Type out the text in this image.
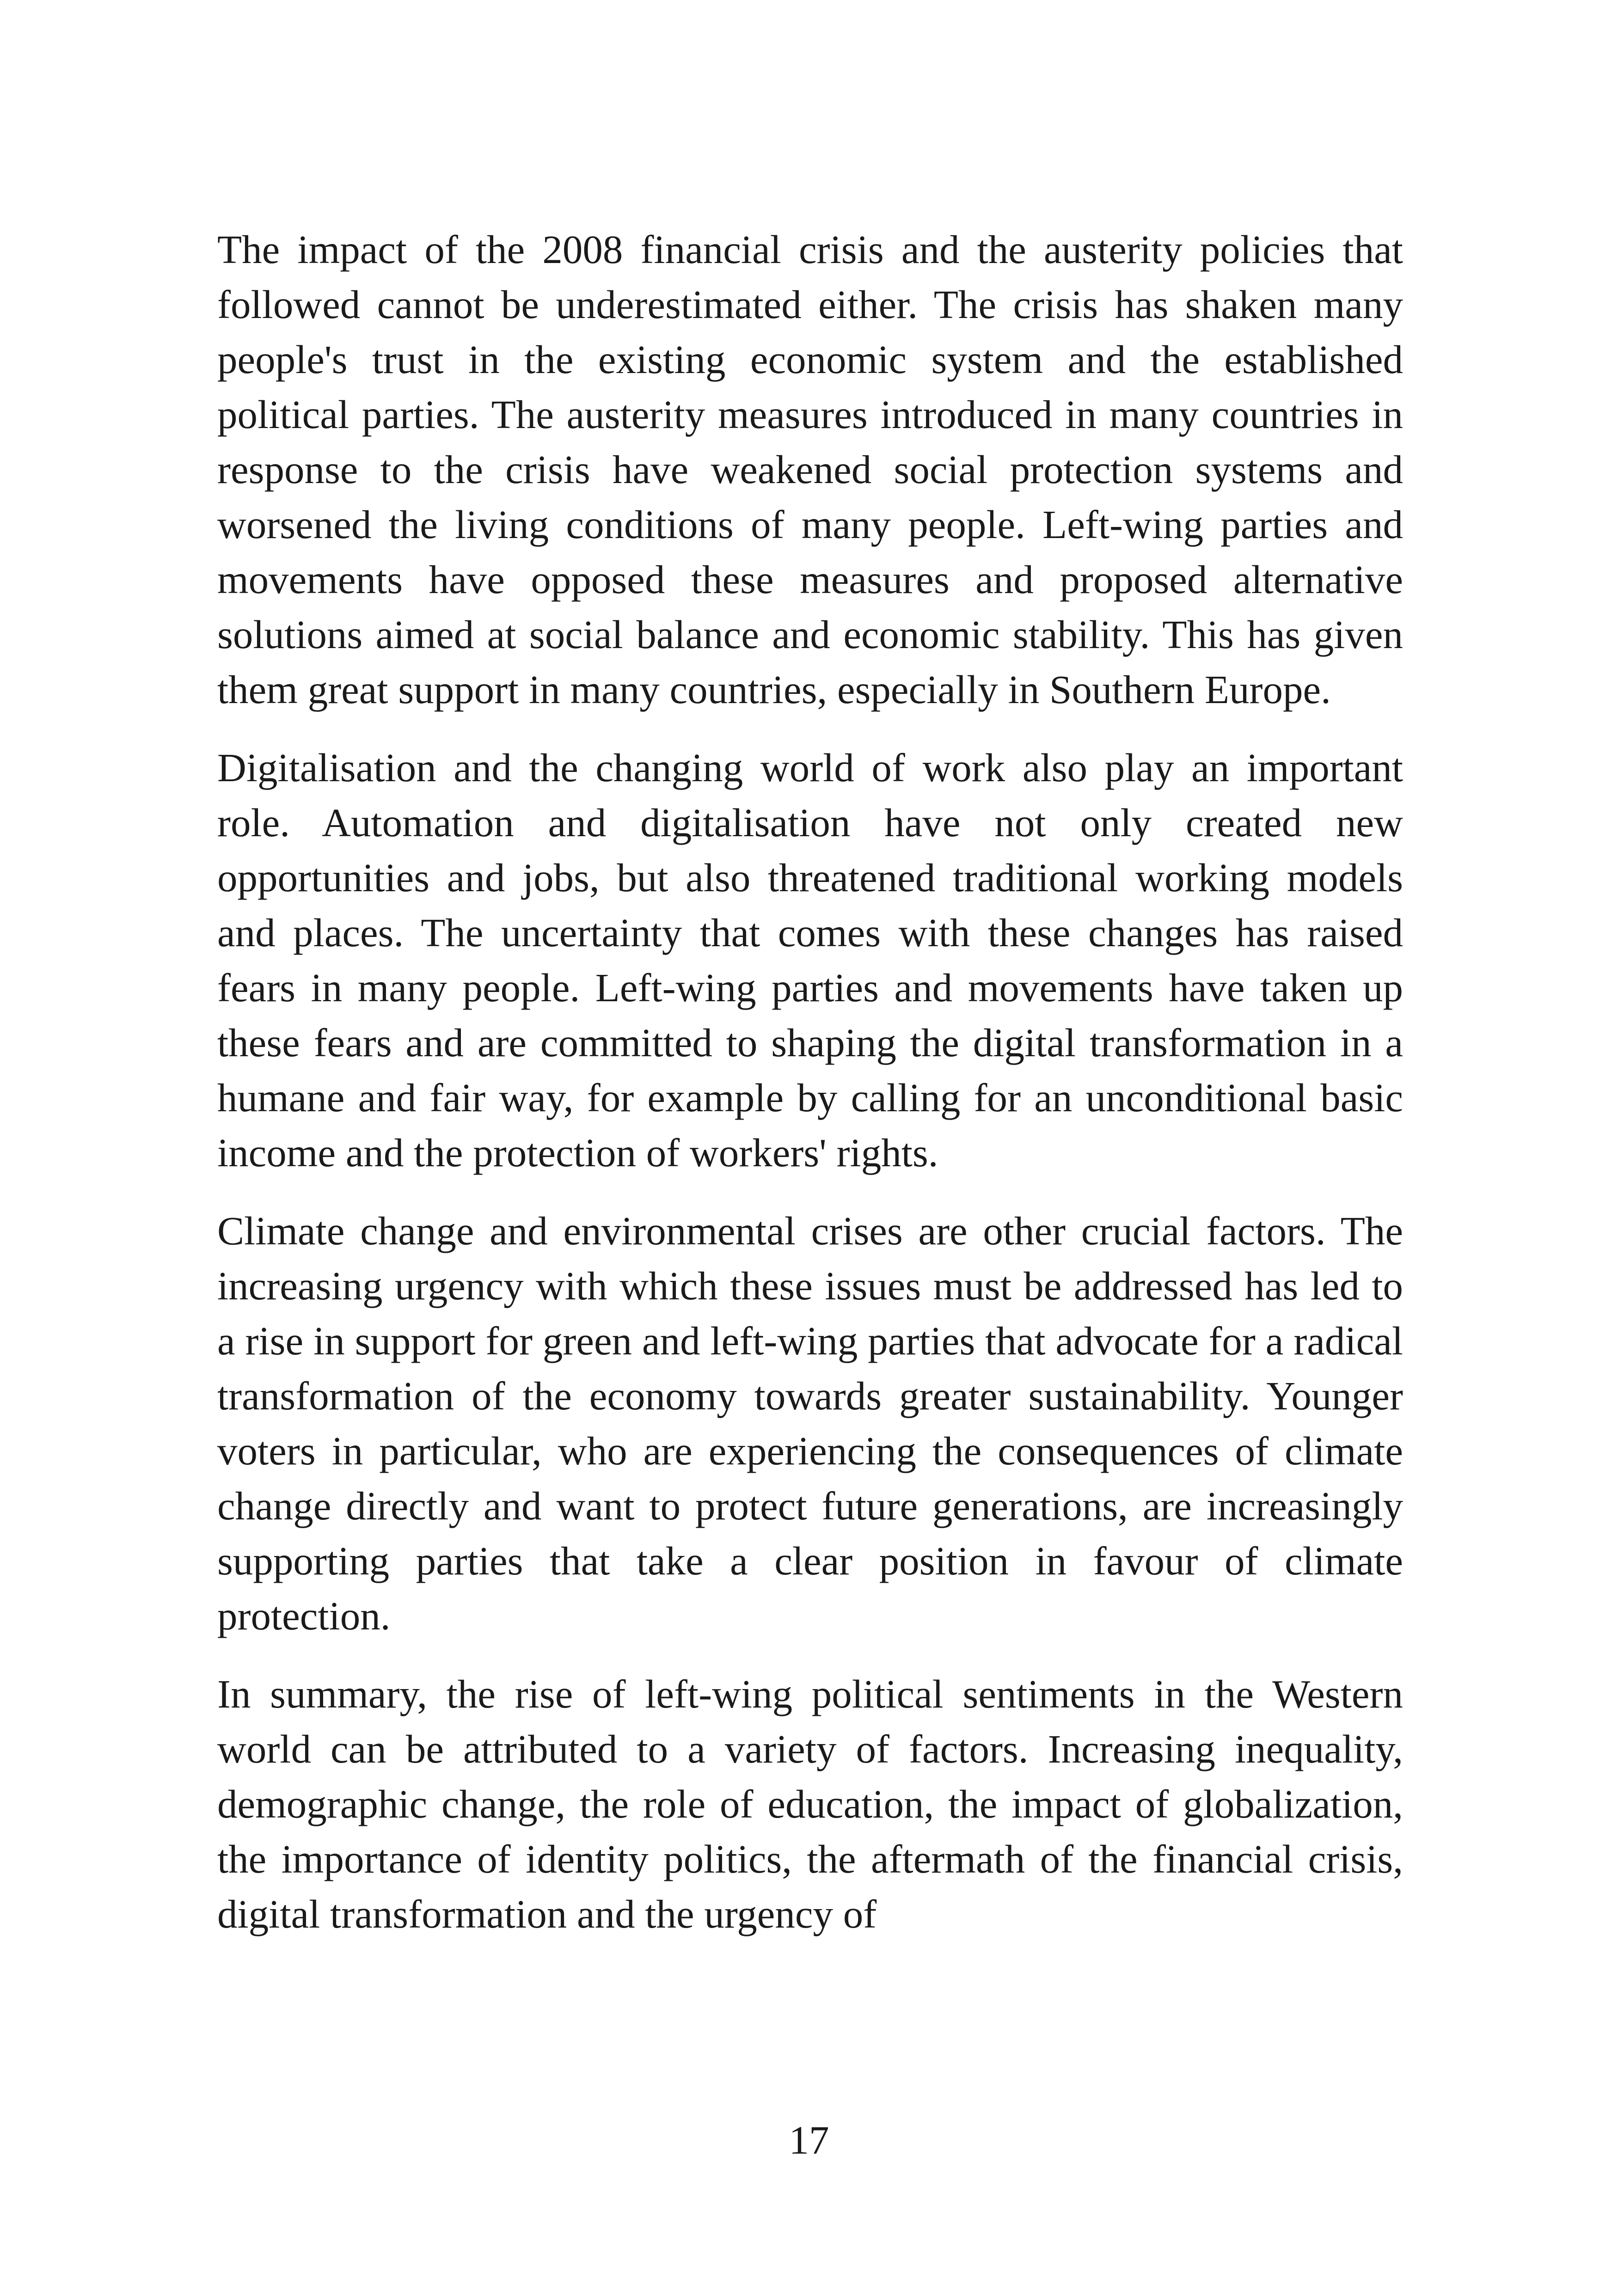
The impact of the 2008 financial crisis and the austerity policies that followed cannot be underestimated either. The crisis has shaken many people's trust in the existing economic system and the established political parties. The austerity measures introduced in many countries in response to the crisis have weakened social protection systems and worsened the living conditions of many people. Left-wing parties and movements have opposed these measures and proposed alternative solutions aimed at social balance and economic stability. This has given them great support in many countries, especially in Southern Europe.

Digitalisation and the changing world of work also play an important role. Automation and digitalisation have not only created new opportunities and jobs, but also threatened traditional working models and places. The uncertainty that comes with these changes has raised fears in many people. Left-wing parties and movements have taken up these fears and are committed to shaping the digital transformation in a humane and fair way, for example by calling for an unconditional basic income and the protection of workers' rights.

Climate change and environmental crises are other crucial factors. The increasing urgency with which these issues must be addressed has led to a rise in support for green and left-wing parties that advocate for a radical transformation of the economy towards greater sustainability. Younger voters in particular, who are experiencing the consequences of climate change directly and want to protect future generations, are increasingly supporting parties that take a clear position in favour of climate protection.

In summary, the rise of left-wing political sentiments in the Western world can be attributed to a variety of factors. Increasing inequality, demographic change, the role of education, the impact of globalization, the importance of identity politics, the aftermath of the financial crisis, digital transformation and the urgency of

17
